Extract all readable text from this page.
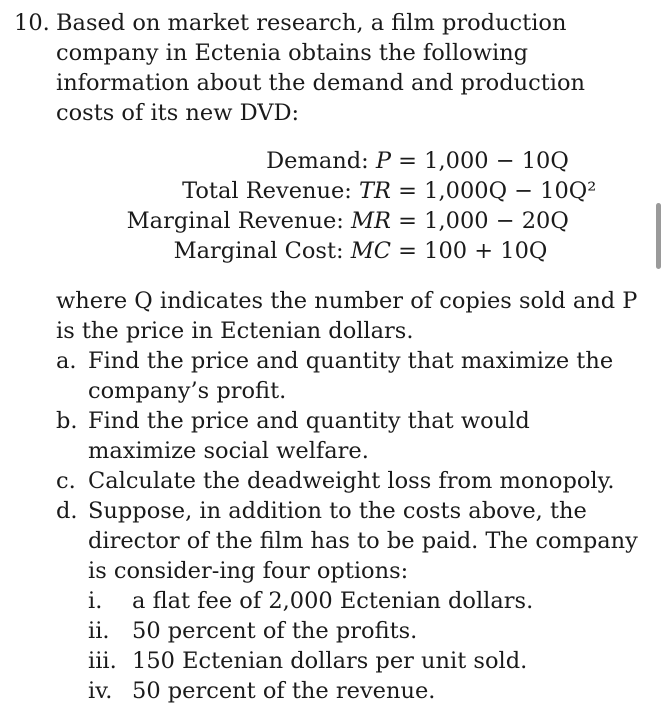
10. Based on market research, a film production company in Ectenia obtains the following information about the demand and production costs of its new DVD:

Demand: P = 1,000 − 10Q
Total Revenue: TR = 1,000Q − 10Q²
Marginal Revenue: MR = 1,000 − 20Q
Marginal Cost: MC = 100 + 10Q

where Q indicates the number of copies sold and P is the price in Ectenian dollars.

a. Find the price and quantity that maximize the company’s profit.
b. Find the price and quantity that would maximize social welfare.
c. Calculate the deadweight loss from monopoly.
d. Suppose, in addition to the costs above, the director of the film has to be paid. The company is consider-ing four options:
i.	a flat fee of 2,000 Ectenian dollars.
ii. 50 percent of the profits.
iii. 150 Ectenian dollars per unit sold.
iv. 50 percent of the revenue.
